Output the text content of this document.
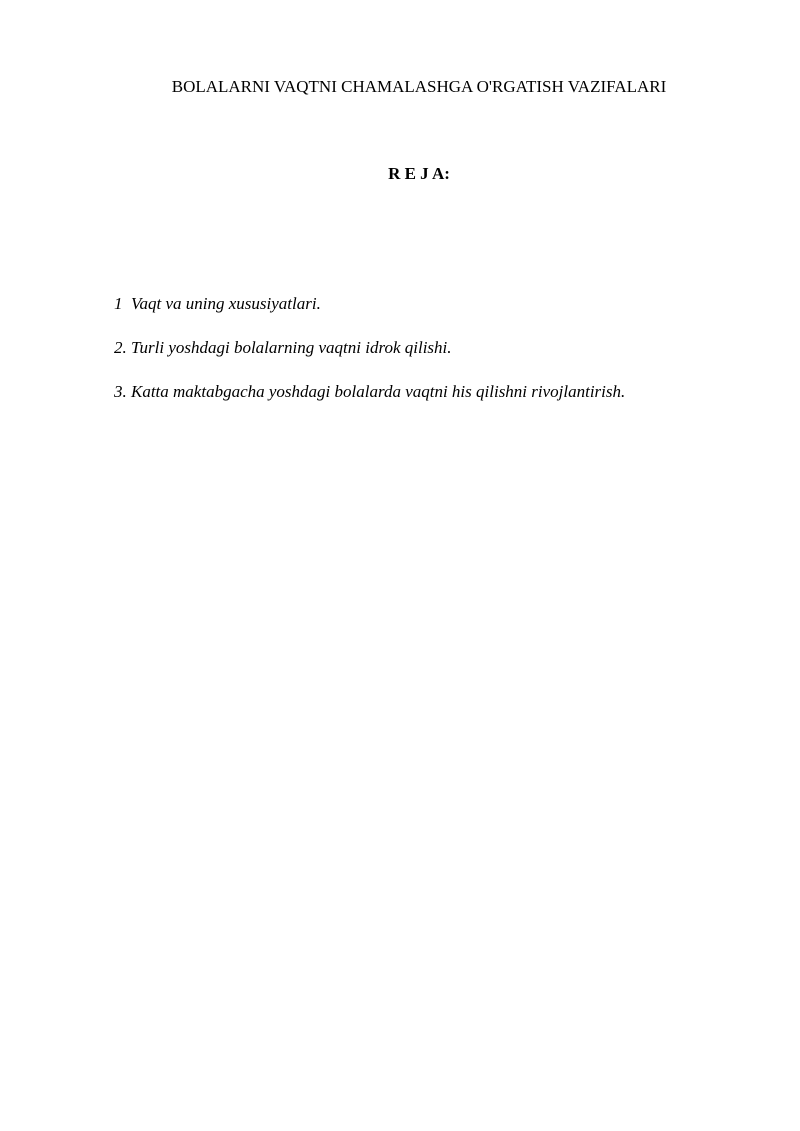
BOLALARNI VAQTNI CHAMALASHGA O'RGATISH VAZIFALARI
R E J A:
1  Vaqt va uning xususiyatlari.
2. Turli yoshdagi bolalarning vaqtni idrok qilishi.
3. Katta maktabgacha yoshdagi bolalarda vaqtni his qilishni rivojlantirish.
